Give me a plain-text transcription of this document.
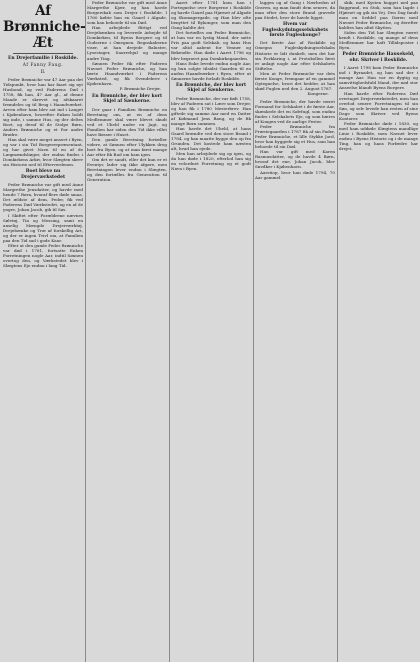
Af Brønniche-Æt
En Drejerfamilie i Roskilde.
Af Fanny Faug.
II.

Peder Brønniche var 47 Aar paa det Tidspunkt, hvor han har faaet sig nyt Husbond, og ved Faderens Død i 1758, fik han, 47 Aar gl., af denne Maade er skrevet og afskaaret fremdeles og til Brug i Haandværket. Arven efter ham blev sat ind i Lauget i Kjøbenhavn, hvorefter Enken holdt sig inde, i samme Hus, og der deltes Boet, og deraf til de Stolpe Børn, Anders Brønniche og et Par andre Brødre.

Han skal være meget anseet i Byen, og var i sin Tid Borgerrepræsentant, og har givet Navn til en af de Lægmændsbøger, der endnu findes i Domkirkens Arkiv, hvor Slægten skrev sin Historie ned til Efterverdenen.

Boet bleve nu Drejerværkstedet

Peder Brønniche var gift med Anne Margrethe Jensdatter, og havde med hende 7 Børn, hvoraf flere døde smaa. Det ældste af dem, Peder, fik ved Faderens Død Værkstedet, og en af de yngre, Johan Jacob, gik til Søs.

I Skiftet efter Forældrene nævnes Sølvtøj, Tin og Messing, samt en anselig Mængde Drejerværktøj, Drejebænke og Træ af forskellig Art, og der er ingen Tvivl om, at Familien paa den Tid sad i gode Kaar.

Efter at den gamle Peder Brønniche var død i 1781, fortsatte Enken Forretningen nogle Aar, indtil Sønnen overtog den, og Værkstedet blev i Slægtens Eje endnu i lang Tid.

Peder Brønniche var gift med Anne Margrethe Kjær, og han havde Borgerskab som Drejer i Roskilde. I 1760 købte han en Gaard i Algade, som han beboede til sin Død.

Han arbejdede flittigt ved Drejebænken og leverede Arbejde til Domkirken, til Byens Borgere og til Godserne i Omegnen. Regnskaberne viser, at han drejede Balustre, Lysestager, Snurrehjul og mange andre Ting.

Sønnen Peder fik efter Faderen Navnet Peder Brønniche, og han lærte Haandværket i Faderens Værksted, og fik Svendebrev i Kjøbenhavn.

P. Brønniche Drejer.
En Brønniche, der blev kort Skjel af Sænkerne.

Der gaar i Familien Brønniche en Beretning om, at en af dens Medlemmer skal være blevet skudt ved et Uheld under en Jagt, og Familien har siden den Tid ikke villet have Bøsser i Huset.

Den gamle Beretning fortæller videre, at Sønnen efter Ulykken drog bort fra Byen, og at man først mange Aar efter fik Bud om ham igen.

Om det er sandt, eller det kun er et Eventyr, lader sig ikke afgøre, men Beretningen lever endnu i Slægten, og den fortælles fra Generation til Generation.

Aaret efter 1781 kom han i Fortegnelse over Borgerne i Roskilde og havde Gaard paa Hjørnet af Algade og Skomagergade, og Han blev ofte benyttet til Bykonger, som man den Gang kaldte det.

Det fortælles om Peder Brønniche, at han var en lystig Mand, der satte Pris paa godt Selskab, og hans Hus var altid aabent for Venner og Bekendte. Han døde i Aaret 1796 og blev begravet paa Domkirkegaarden.

Hans Enke levede endnu nogle Aar, og hun solgte tilsidst Gaarden til en anden Haandværker i Byen, efter at Sønnerne havde forladt Roskilde.

En Brønniche, der blev kort Skjel af Sænkerne.

Peder Brønniche, der var født 1758, blev af Faderen sat i Lære som Drejer, og han fik i 1780 Mesterbrev. Han giftede sig samme Aar med en Datter af Købmand Jens Bang, og de fik mange Børn sammen.

Han havde det Uheld, at hans Gaard brændte ved den store Brand i 1784, og han maatte bygge den op fra Grunden. Det kostede ham næsten alt, hvad han ejede.

Men han arbejdede sig op igen, og da han døde i 1820, efterlod han sig en velordnet Forretning og et godt Navn i Byen.

laggen og af Gang i Nærheden af Graven, og man fandt dem senere, da man efter den store Brand gravede paa Stedet, hvor de havde ligget.

Hvem var Fugleskydningsselskabets første Fugleskonge?

Det første Aar af Roskilde og Omegns Fugleskydningsselskabs Historie er lidt dunkelt, men det har sin Forklaring i, at Protokollen først er anlagt nogle Aar efter Selskabets Stiftelse.

Men at Peder Brønniche var dets første Konge, fremgaar af en gammel Optegnelse, hvori det hedder, at han skød Fuglen ned den 2. August 1787.

Kongerne.

Peder Brønniche, der havde været Formand for Selskabet i de første Aar, skænkede det en Sølvfugl, som endnu findes i Selskabets Eje, og som bæres af Kongen ved de aarlige Fester.

Peder Brønniche fra Præstegaarden i 1787 fik af sin Fader, Peder Brønniche, et lille Stykke Jord, hvor han byggede sig et Hus, som han beboede til sin Død.

Han var gift med Karen Rasmusdatter, og de havde 4 Børn, hvoraf det ene, Johan Jacob, blev Snedker i Kjøbenhavn.

Aarstiop, hvor han døde 1794, 70 Aar gammel.

skik, med Kysten hugget ned paa Baggrund, en Stok, som han lagde i Hjørnet og gik sin Vej. Den Dag fandt man en Seddel paa Døren med Navnet Peder Brønniche, og derefter kaldtes han altid Skytten.

Siden den Tid har Slægten været kendt i Roskilde, og mange af dens Medlemmer har haft Tillidsposter i Byen.

Peder Brønniche Hausekeld, ohr. Skriver i Roskilde.

I Aaret 1798 kom Peder Brønniche ind i Byraadet, og han sad der i mange Aar. Han var en dygtig og samvittighedsfuld Mand, der nød stor Anseelse blandt Byens Borgere.

Han havde efter Faderens Død overtaget Drejerværkstedet, men han overlod senere Forretningen til sin Søn, og selv levede han resten af sine Dage som Skriver ved Byens Kontorer.

Peder Brønniche døde i 1830, og med ham uddøde Slægtens mandlige Linie i Roskilde, men Navnet lever endnu i Byens Historie og i de mange Ting, han og hans Forfædre har drejet.
